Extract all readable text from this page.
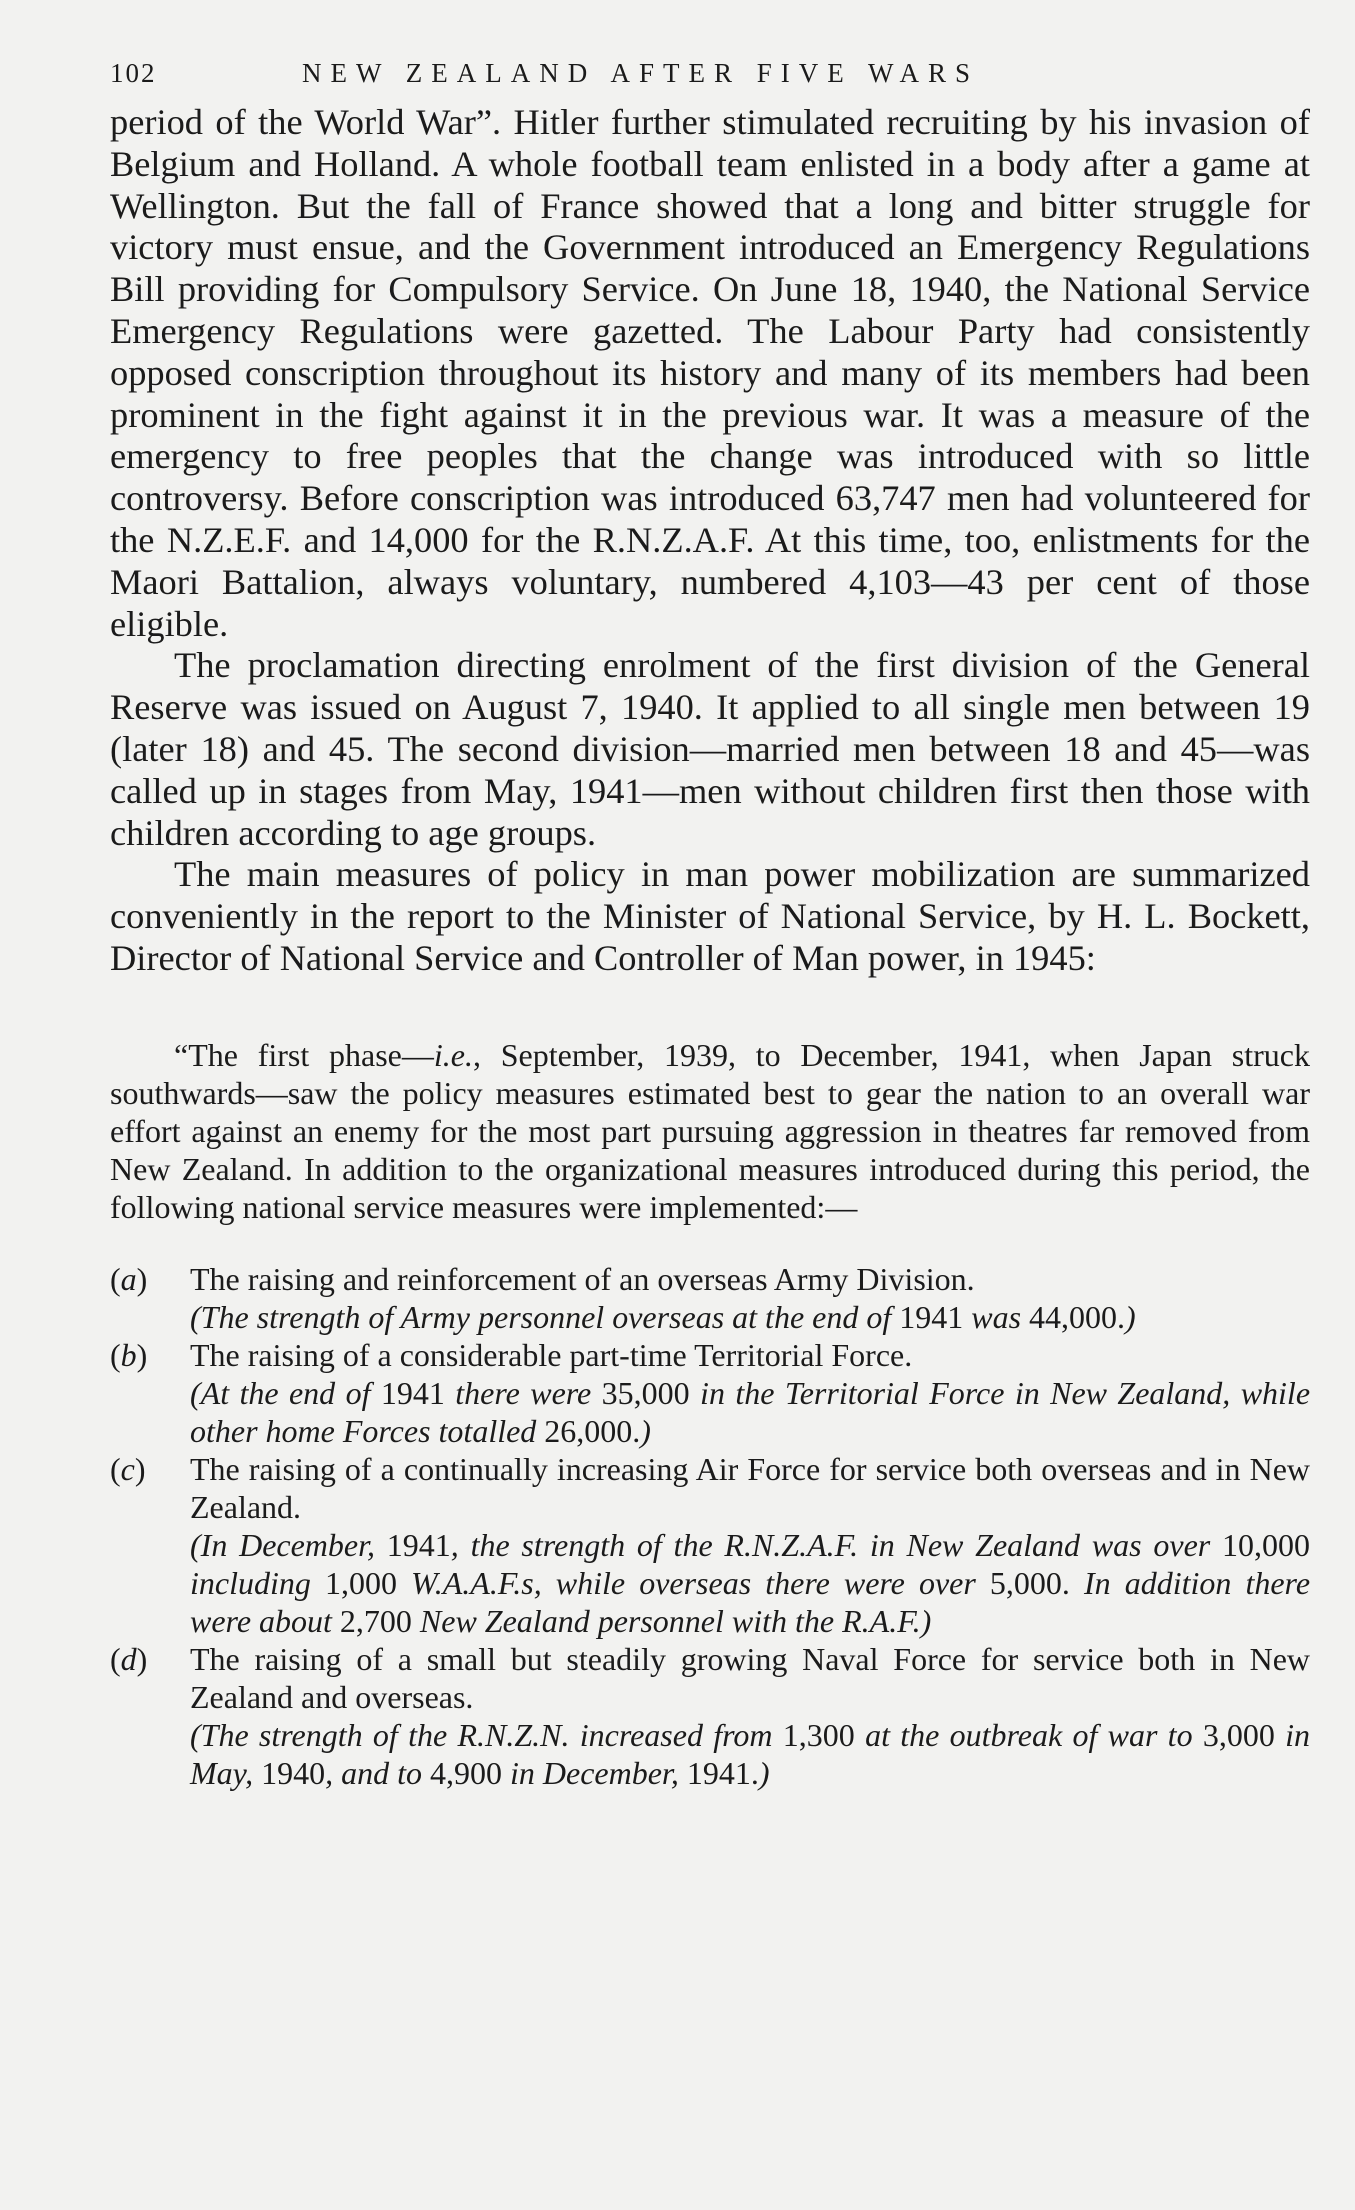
102	NEW ZEALAND AFTER FIVE WARS

period of the World War”. Hitler further stimulated recruiting by his invasion of Belgium and Holland. A whole football team enlisted in a body after a game at Wellington. But the fall of France showed that a long and bitter struggle for victory must ensue, and the Government introduced an Emergency Regulations Bill providing for Compulsory Service. On June 18, 1940, the National Service Emergency Regulations were gazetted. The Labour Party had consistently opposed conscription throughout its history and many of its members had been prominent in the fight against it in the previous war. It was a measure of the emergency to free peoples that the change was introduced with so little controversy. Before conscription was introduced 63,747 men had volunteered for the N.Z.E.F. and 14,000 for the R.N.Z.A.F. At this time, too, enlistments for the Maori Battalion, always voluntary, numbered 4,103—43 per cent of those eligible.

The proclamation directing enrolment of the first division of the General Reserve was issued on August 7, 1940. It applied to all single men between 19 (later 18) and 45. The second division—married men between 18 and 45—was called up in stages from May, 1941—men without children first then those with children according to age groups.

The main measures of policy in man power mobilization are summarized conveniently in the report to the Minister of National Service, by H. L. Bockett, Director of National Service and Controller of Man power, in 1945:

“The first phase—i.e., September, 1939, to December, 1941, when Japan struck southwards—saw the policy measures estimated best to gear the nation to an overall war effort against an enemy for the most part pursuing aggression in theatres far removed from New Zealand. In addition to the organizational measures introduced during this period, the following national service measures were implemented:—

(a)	The raising and reinforcement of an overseas Army Division.
(The strength of Army personnel overseas at the end of 1941 was 44,000.)
(b)	The raising of a considerable part-time Territorial Force.
(At the end of 1941 there were 35,000 in the Territorial Force in New Zealand, while other home Forces totalled 26,000.)
(c)	The raising of a continually increasing Air Force for service both overseas and in New Zealand.
(In December, 1941, the strength of the R.N.Z.A.F. in New Zealand was over 10,000 including 1,000 W.A.A.F.s, while overseas there were over 5,000. In addition there were about 2,700 New Zealand personnel with the R.A.F.)
(d)	The raising of a small but steadily growing Naval Force for service both in New Zealand and overseas.
(The strength of the R.N.Z.N. increased from 1,300 at the outbreak of war to 3,000 in May, 1940, and to 4,900 in December, 1941.)
